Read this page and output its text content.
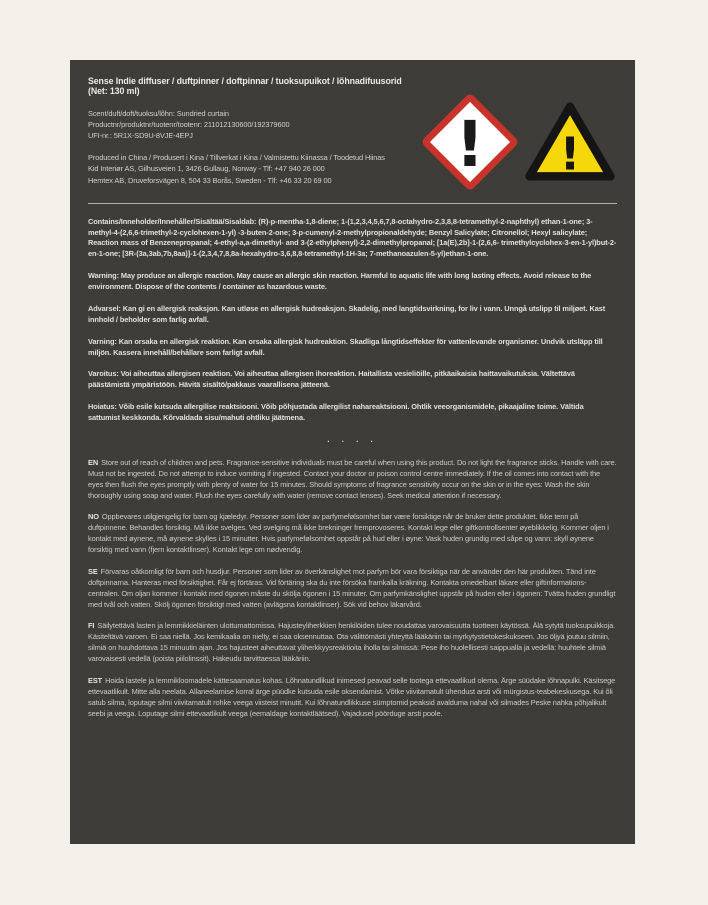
Sense Indie diffuser / duftpinner / doftpinnar / tuoksupuikot / lõhnadifuusorid (Net: 130 ml)
Scent/duft/doft/tuoksu/lõhn: Sundried curtain
Productnr/produktnr/tuotenr/tootenr: 211012130600/192379600
UFI-nr.: 5R1X-SD9U-8VJE-4EPJ
Produced in China / Produsert i Kina / Tillverkat i Kina / Valmistettu Kiinassa / Toodetud Hiinas
Kid Interiør AS, Gilhusveien 1, 3426 Gullaug, Norway - Tlf: +47 940 26 000
Hemtex AB, Druveforsvägen 8, 504 33 Borås, Sweden - Tlf: +46 33 20 69 00	! !

Contains/Inneholder/Innehåller/Sisältää/Sisaldab: (R)-p-mentha-1,8-diene; 1-(1,2,3,4,5,6,7,8-octahydro-2,3,8,8-tetramethyl-2-naphthyl) ethan-1-one; 3-methyl-4-(2,6,6-trimethyl-2-cyclohexen-1-yl) -3-buten-2-one; 3-p-cumenyl-2-methylpropionaldehyde; Benzyl Salicylate; Citronellol; Hexyl salicylate; Reaction mass of Benzenepropanal; 4-ethyl-a,a-dimethyl- and 3-(2-ethylphenyl)-2,2-dimethylpropanal; [1a(E),2b]-1-(2,6,6- trimethylcyclohex-3-en-1-yl)but-2-en-1-one; [3R-(3a,3ab,7b,8aa)]-1-(2,3,4,7,8,8a-hexahydro-3,6,8,8-tetramethyl-1H-3a; 7-methanoazulen-5-yl)ethan-1-one.

Warning: May produce an allergic reaction. May cause an allergic skin reaction. Harmful to aquatic life with long lasting effects. Avoid release to the environment. Dispose of the contents / container as hazardous waste.

Advarsel: Kan gi en allergisk reaksjon. Kan utløse en allergisk hudreaksjon. Skadelig, med langtidsvirkning, for liv i vann. Unngå utslipp til miljøet. Kast innhold / beholder som farlig avfall.

Varning: Kan orsaka en allergisk reaktion. Kan orsaka allergisk hudreaktion. Skadliga långtidseffekter för vattenlevande organismer. Undvik utsläpp till miljön. Kassera innehåll/behållare som farligt avfall.

Varoitus: Voi aiheuttaa allergisen reaktion. Voi aiheuttaa allergisen ihoreaktion. Haitallista vesieliöille, pitkäaikaisia haittavaikutuksia. Vältettävä päästämistä ympäristöön. Hävitä sisältö/pakkaus vaarallisena jätteenä.

Hoiatus: Võib esile kutsuda allergilise reaktsiooni. Võib põhjustada allergilist nahareaktsiooni. Ohtlik veeorganismidele, pikaajaline toime. Vältida sattumist keskkonda. Kõrvaldada sisu/mahuti ohtliku jäätmena.

. . . .

EN Store out of reach of children and pets. Fragrance-sensitive individuals must be careful when using this product. Do not light the fragrance sticks. Handle with care. Must not be ingested. Do not attempt to induce vomiting if ingested. Contact your doctor or poison control centre immediately. If the oil comes into contact with the eyes then flush the eyes promptly with plenty of water for 15 minutes. Should symptoms of fragrance sensitivity occur on the skin or in the eyes: Wash the skin thoroughly using soap and water. Flush the eyes carefully with water (remove contact lenses). Seek medical attention if necessary.

NO Oppbevares utilgjengelig for barn og kjæledyr. Personer som lider av parfymefølsomhet bør være forsiktige når de bruker dette produktet. Ikke tenn på duftpinnene. Behandles forsiktig. Må ikke svelges. Ved svelging må ikke brekninger fremprovoseres. Kontakt lege eller giftkontrollsenter øyeblikkelig. Kommer oljen i kontakt med øynene, må øynene skylles i 15 minutter. Hvis parfymefølsomhet oppstår på hud eller i øyne: Vask huden grundig med såpe og vann: skyll øynene forsiktig med vann (fjern kontaktlinser). Kontakt lege om nødvendig.

SE Förvaras oåtkomligt för barn och husdjur. Personer som lider av överkänslighet mot parfym bör vara försiktiga när de använder den här produkten. Tänd inte doftpinnarna. Hanteras med försiktighet. Får ej förtäras. Vid förtäring ska du inte försöka framkalla kräkning. Kontakta omedelbart läkare eller giftinformations-centralen. Om oljan kommer i kontakt med ögonen måste du skölja ögonen i 15 minuter. Om parfymkänslighet uppstår på huden eller i ögonen: Tvätta huden grundligt med tvål och vatten. Skölj ögonen försiktigt med vatten (avlägsna kontaktlinser). Sök vid behov läkarvård.

FI Säilytettävä lasten ja lemmikkieläinten ulottumattomissa. Hajusteyliherkkien henkilöiden tulee noudattaa varovaisuutta tuotteen käytössä. Älä sytytä tuoksupuikkoja. Käsiteltävä varoen. Ei saa niellä. Jos kemikaalia on nielty, ei saa oksennuttaa. Ota välittömästi yhteyttä lääkäriin tai myrkytystietokeskukseen. Jos öljyä joutuu silmiin, silmiä on huuhdottava 15 minuutin ajan. Jos hajusteet aiheuttavat yliherkkyysreaktioita iholla tai silmissä: Pese iho huolellisesti saippualla ja vedellä: huuhtele silmiä varovaisesti vedellä (poista piilolinssit). Hakeudu tarvittaessa lääkäriin.

EST Hoida lastele ja lemmikloomadele kättesaamatus kohas. Lõhnatundlikud inimesed peavad selle tootega ettevaatlikud olema. Ärge süüdake lõhnapulki. Käsitsege ettevaatlikult. Mitte alla neelata. Allaneelamise korral ärge püüdke kutsuda esile oksendamist. Võtke viivitamatult ühendust arsti või mürgistus-teabekeskusega. Kui õli satub silma, loputage silmi viivitamatult rohke veega viisteist minutit. Kui lõhnatundlikkuse sümptomid peaksid avalduma nahal või silmades Peske nahka põhjalikult seebi ja veega. Loputage silmi ettevaatlikult veega (eemaldage kontaktläätsed). Vajadusel pöörduge arsti poole.
